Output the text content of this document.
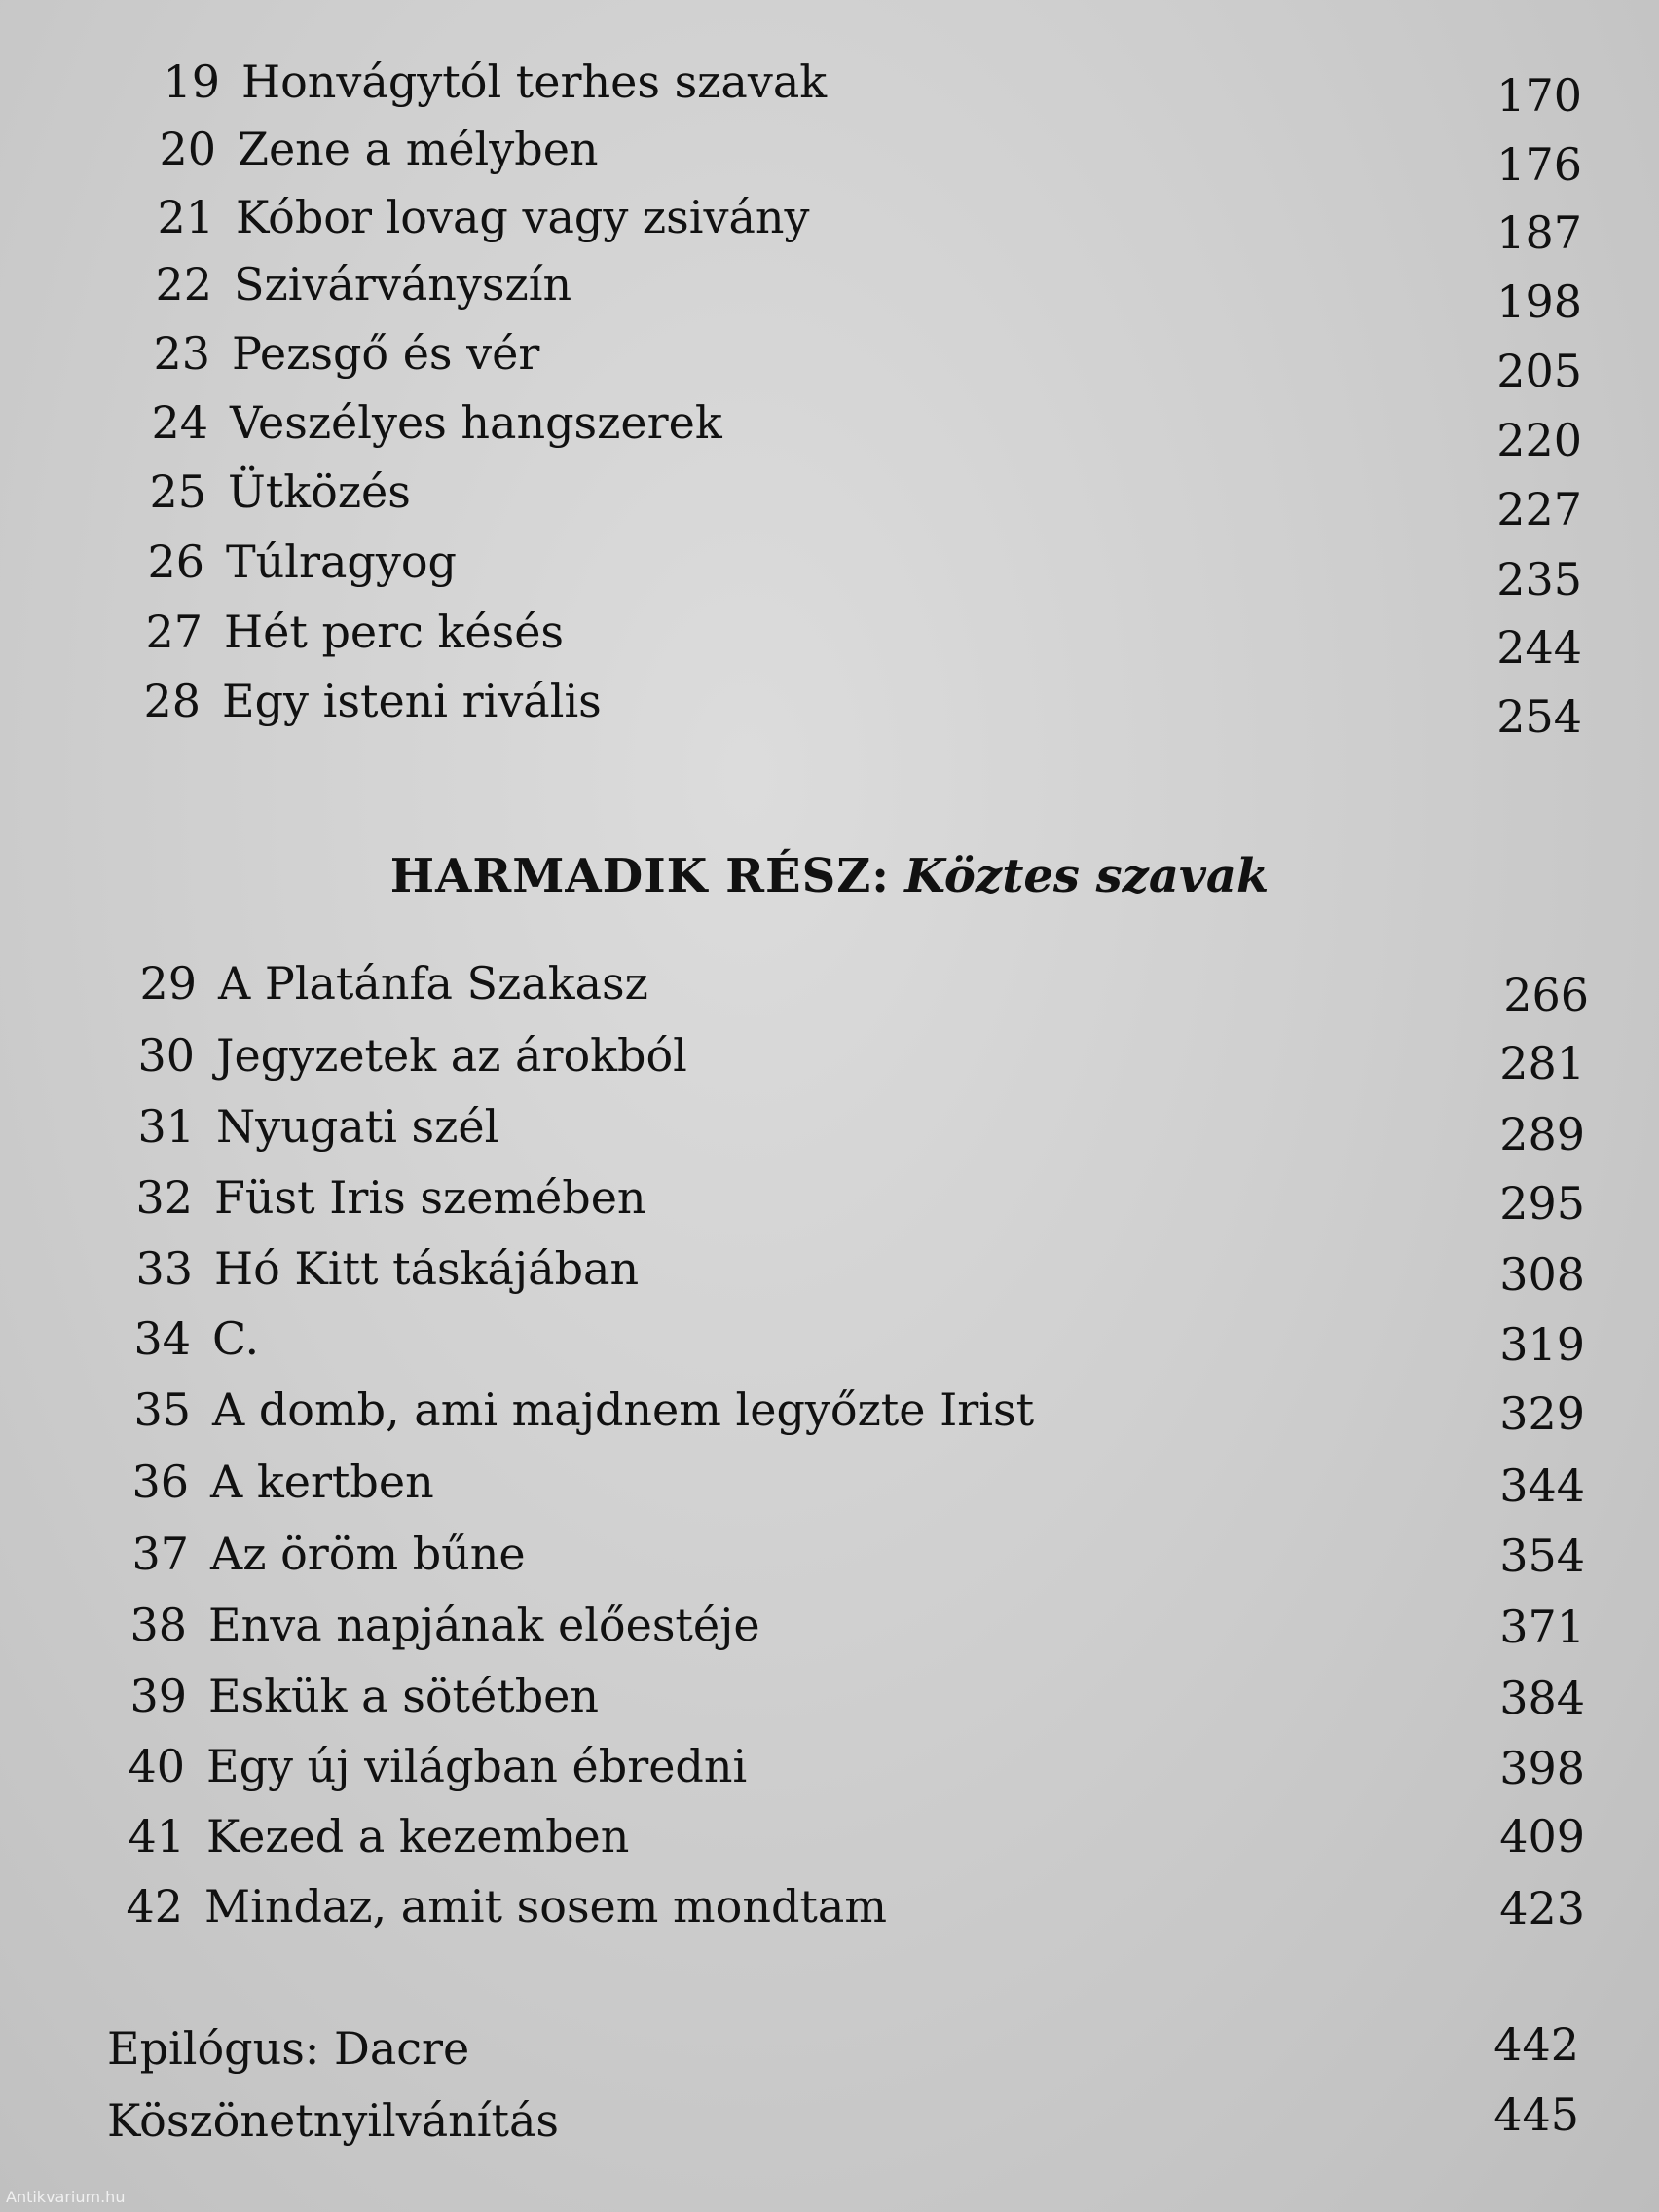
19 Honvágytól terhes szavak	170
20 Zene a mélyben	176
21 Kóbor lovag vagy zsivány	187
22 Szivárványszín	198
23 Pezsgő és vér	205
24 Veszélyes hangszerek	220
25 Ütközés	227
26 Túlragyog	235
27 Hét perc késés	244
28 Egy isteni rivális	254
HARMADIK RÉSZ: Köztes szavak
29 A Platánfa Szakasz	266
30 Jegyzetek az árokból	281
31 Nyugati szél	289
32 Füst Iris szemében	295
33 Hó Kitt táskájában	308
34 C.	319
35 A domb, ami majdnem legyőzte Irist	329
36 A kertben	344
37 Az öröm bűne	354
38 Enva napjának előestéje	371
39 Eskük a sötétben	384
40 Egy új világban ébredni	398
41 Kezed a kezemben	409
42 Mindaz, amit sosem mondtam	423
Epilógus: Dacre	442
Köszönetnyilvánítás	445
Antikvarium.hu
